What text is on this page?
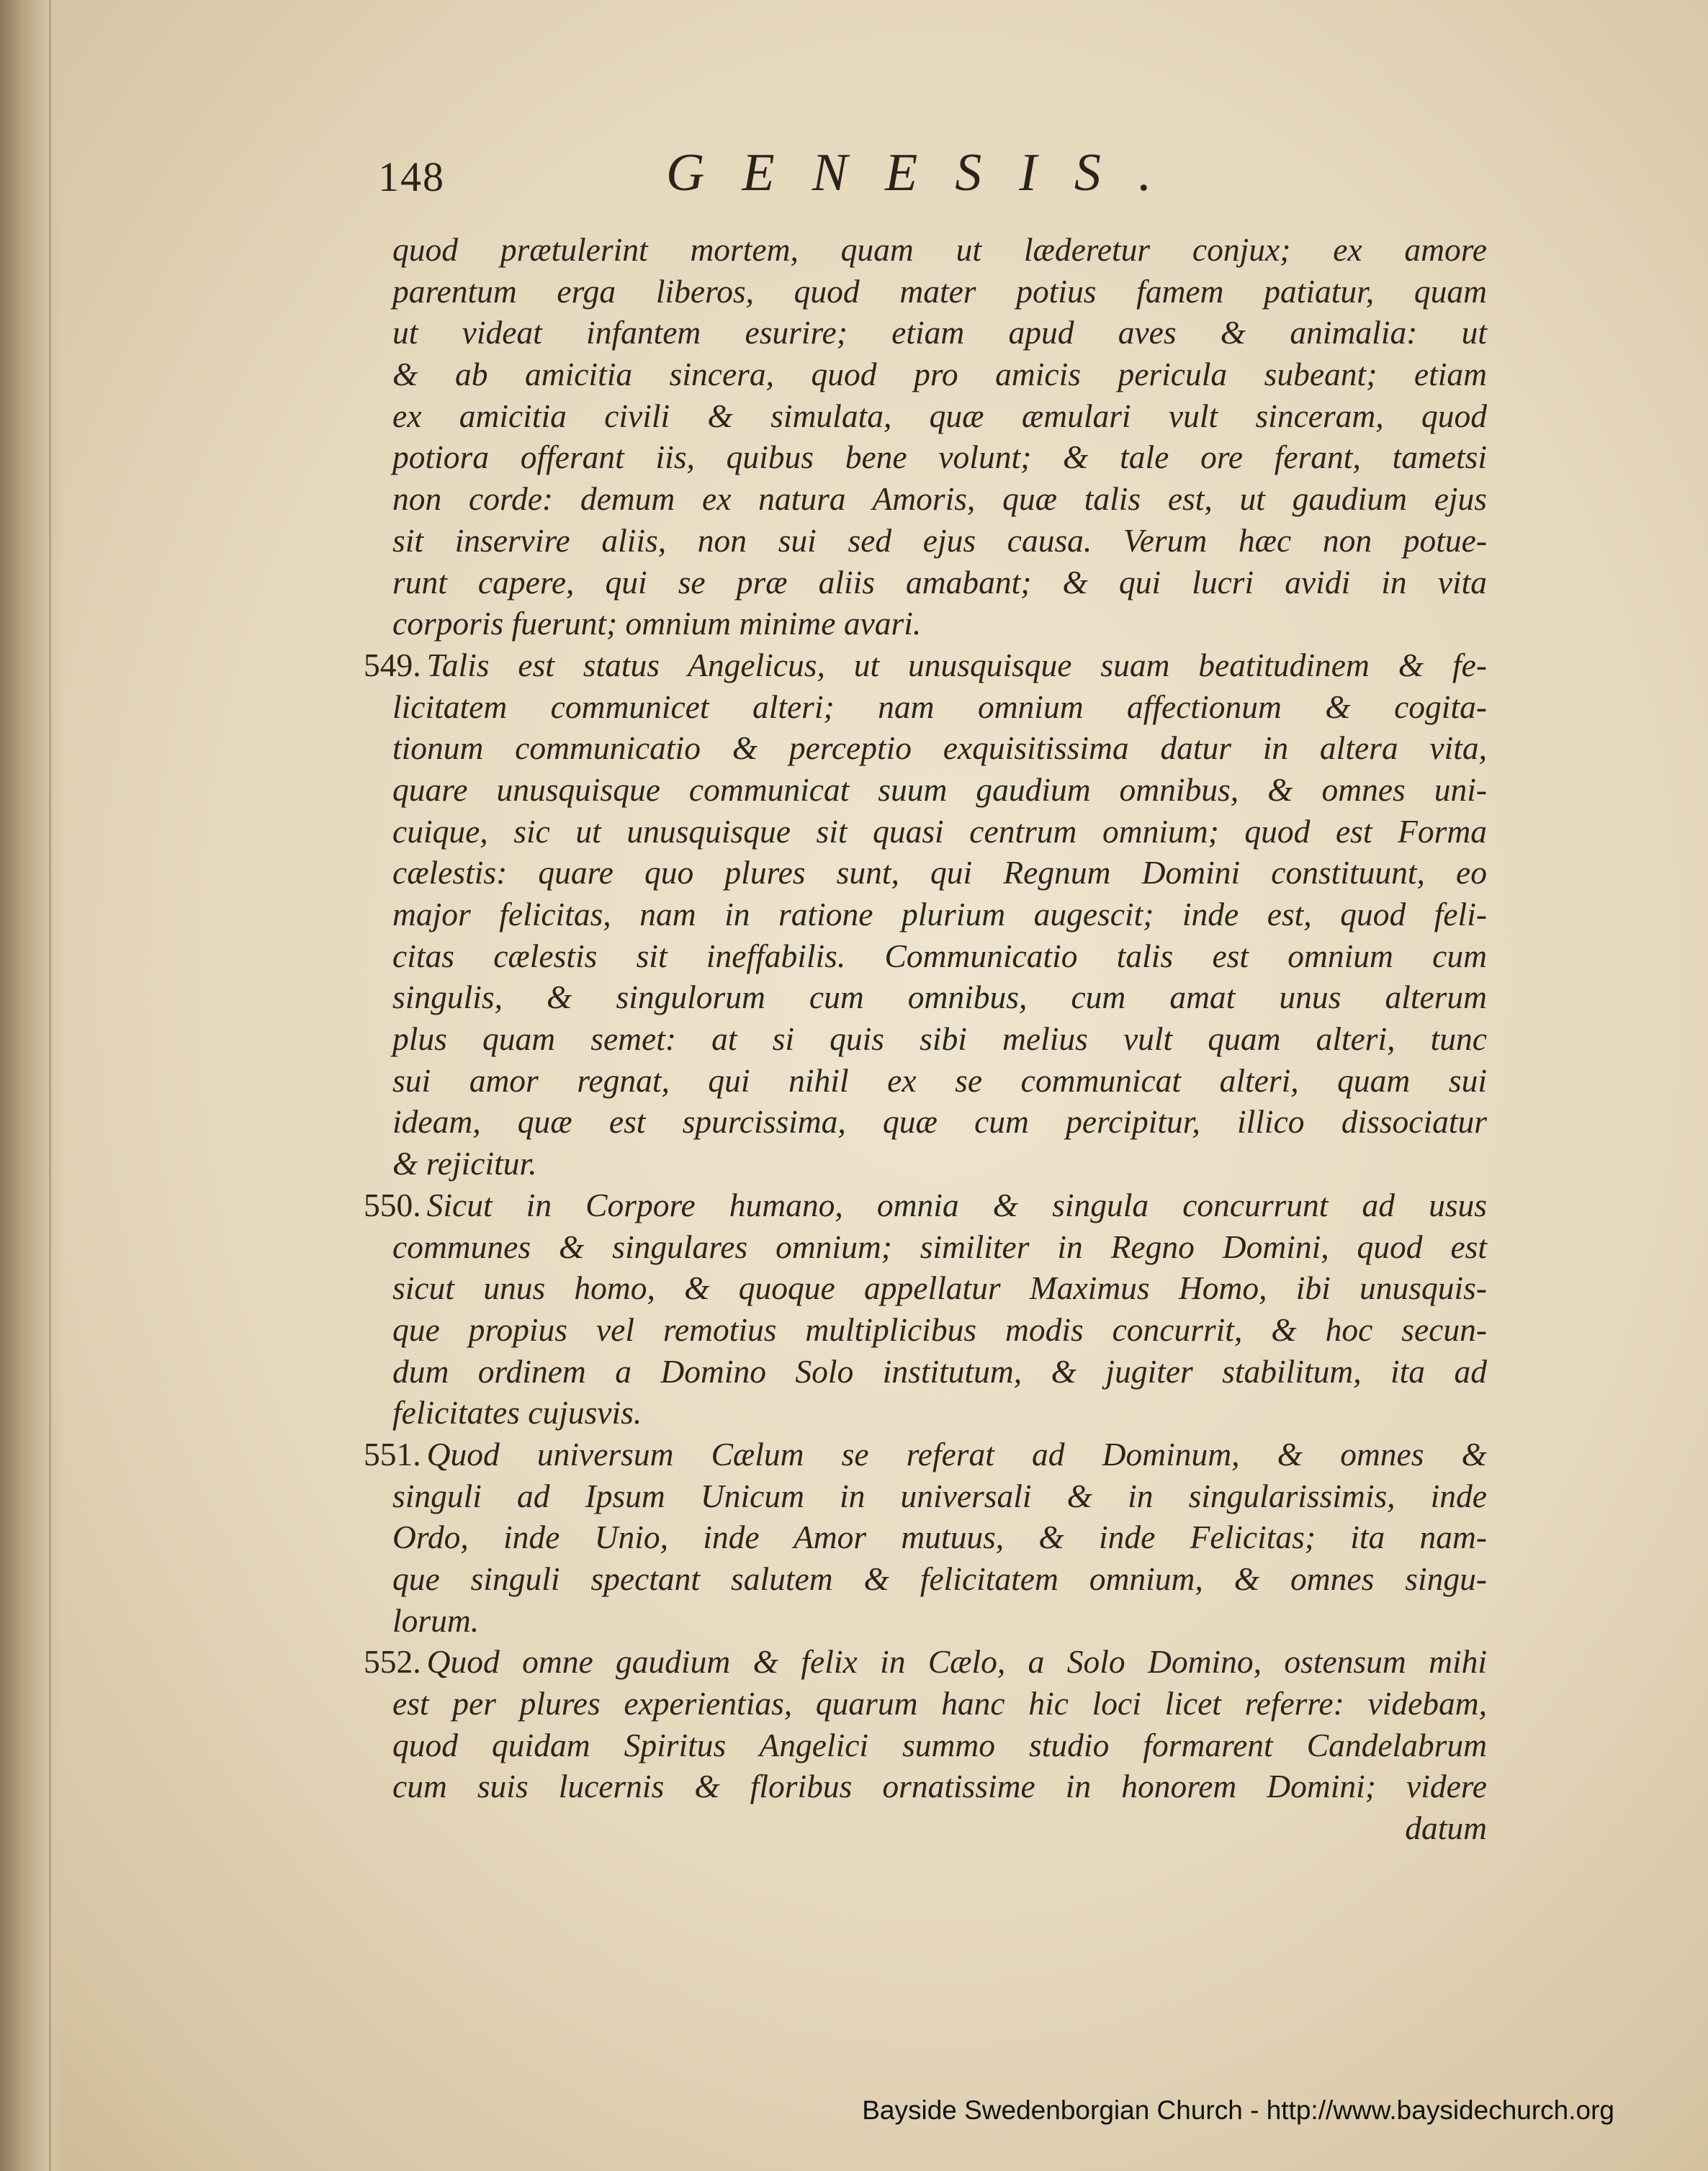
148	GENESIS.
quod prætulerint mortem, quam ut læderetur conjux; ex amore
parentum erga liberos, quod mater potius famem patiatur, quam
ut videat infantem esurire; etiam apud aves & animalia: ut
& ab amicitia sincera, quod pro amicis pericula subeant; etiam
ex amicitia civili & simulata, quæ æmulari vult sinceram, quod
potiora offerant iis, quibus bene volunt; & tale ore ferant, tametsi
non corde: demum ex natura Amoris, quæ talis est, ut gaudium ejus
sit inservire aliis, non sui sed ejus causa. Verum hæc non potue-
runt capere, qui se præ aliis amabant; & qui lucri avidi in vita
corporis fuerunt; omnium minime avari.
549. Talis est status Angelicus, ut unusquisque suam beatitudinem & fe-
licitatem communicet alteri; nam omnium affectionum & cogita-
tionum communicatio & perceptio exquisitissima datur in altera vita,
quare unusquisque communicat suum gaudium omnibus, & omnes uni-
cuique, sic ut unusquisque sit quasi centrum omnium; quod est Forma
cælestis: quare quo plures sunt, qui Regnum Domini constituunt, eo
major felicitas, nam in ratione plurium augescit; inde est, quod feli-
citas cælestis sit ineffabilis. Communicatio talis est omnium cum
singulis, & singulorum cum omnibus, cum amat unus alterum
plus quam semet: at si quis sibi melius vult quam alteri, tunc
sui amor regnat, qui nihil ex se communicat alteri, quam sui
ideam, quæ est spurcissima, quæ cum percipitur, illico dissociatur
& rejicitur.
550. Sicut in Corpore humano, omnia & singula concurrunt ad usus
communes & singulares omnium; similiter in Regno Domini, quod est
sicut unus homo, & quoque appellatur Maximus Homo, ibi unusquis-
que propius vel remotius multiplicibus modis concurrit, & hoc secun-
dum ordinem a Domino Solo institutum, & jugiter stabilitum, ita ad
felicitates cujusvis.
551. Quod universum Cælum se referat ad Dominum, & omnes &
singuli ad Ipsum Unicum in universali & in singularissimis, inde
Ordo, inde Unio, inde Amor mutuus, & inde Felicitas; ita nam-
que singuli spectant salutem & felicitatem omnium, & omnes singu-
lorum.
552. Quod omne gaudium & felix in Cælo, a Solo Domino, ostensum mihi
est per plures experientias, quarum hanc hic loci licet referre: videbam,
quod quidam Spiritus Angelici summo studio formarent Candelabrum
cum suis lucernis & floribus ornatissime in honorem Domini; videre
datum
Bayside Swedenborgian Church - http://www.baysidechurch.org
